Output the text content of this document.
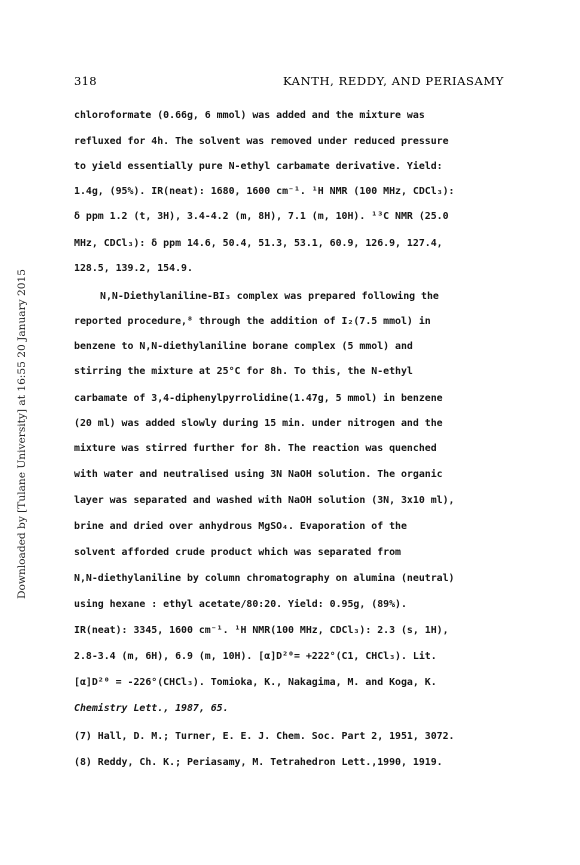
Downloaded by [Tulane University] at 16:55 20 January 2015
318	KANTH, REDDY, AND PERIASAMY
chloroformate (0.66g, 6 mmol) was added and the mixture was
refluxed for 4h. The solvent was removed under reduced pressure
to yield essentially pure N-ethyl carbamate derivative. Yield:
1.4g, (95%). IR(neat): 1680, 1600 cm⁻¹. ¹H NMR (100 MHz, CDCl₃):
δ ppm 1.2 (t, 3H), 3.4-4.2 (m, 8H), 7.1 (m, 10H). ¹³C NMR (25.0
MHz, CDCl₃): δ ppm 14.6, 50.4, 51.3, 53.1, 60.9, 126.9, 127.4,
128.5, 139.2, 154.9.
N,N-Diethylaniline-BI₃ complex was prepared following the
reported procedure,⁸ through the addition of I₂(7.5 mmol) in
benzene to N,N-diethylaniline borane complex (5 mmol) and
stirring the mixture at 25°C for 8h. To this, the N-ethyl
carbamate of 3,4-diphenylpyrrolidine(1.47g, 5 mmol) in benzene
(20 ml) was added slowly during 15 min. under nitrogen and the
mixture was stirred further for 8h. The reaction was quenched
with water and neutralised using 3N NaOH solution. The organic
layer was separated and washed with NaOH solution (3N, 3x10 ml),
brine and dried over anhydrous MgSO₄. Evaporation of the
solvent afforded crude product which was separated from
N,N-diethylaniline by column chromatography on alumina (neutral)
using hexane : ethyl acetate/80:20. Yield: 0.95g, (89%).
IR(neat): 3345, 1600 cm⁻¹. ¹H NMR(100 MHz, CDCl₃): 2.3 (s, 1H),
2.8-3.4 (m, 6H), 6.9 (m, 10H). [α]D²⁰= +222°(C1, CHCl₃). Lit.
[α]D²⁰ = -226°(CHCl₃). Tomioka, K., Nakagima, M. and Koga, K.
Chemistry Lett., 1987, 65.
(7) Hall, D. M.; Turner, E. E. J. Chem. Soc. Part 2, 1951, 3072.
(8) Reddy, Ch. K.; Periasamy, M. Tetrahedron Lett.,1990, 1919.
